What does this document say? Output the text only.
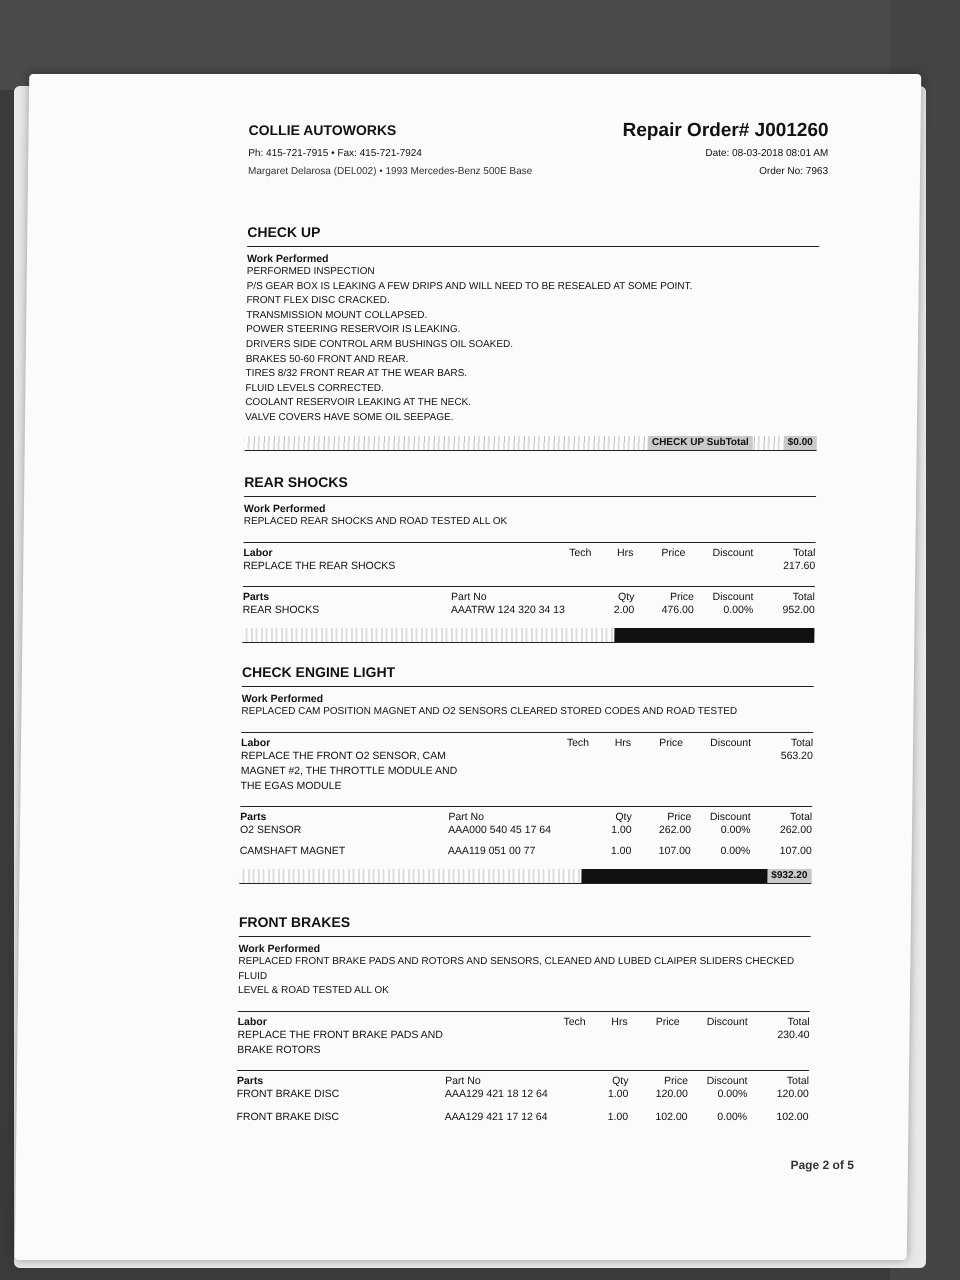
COLLIE AUTOWORKS
Ph: 415-721-7915 • Fax: 415-721-7924
Margaret Delarosa (DEL002) • 1993 Mercedes-Benz 500E Base
Repair Order# J001260
Date: 08-03-2018 08:01 AM
Order No: 7963
CHECK UP
Work Performed
PERFORMED INSPECTION
P/S GEAR BOX IS LEAKING A FEW DRIPS AND WILL NEED TO BE RESEALED AT SOME POINT.
FRONT FLEX DISC CRACKED.
TRANSMISSION MOUNT COLLAPSED.
POWER STEERING RESERVOIR IS LEAKING.
DRIVERS SIDE CONTROL ARM BUSHINGS OIL SOAKED.
BRAKES 50-60 FRONT AND REAR.
TIRES 8/32 FRONT REAR AT THE WEAR BARS.
FLUID LEVELS CORRECTED.
COOLANT RESERVOIR LEAKING AT THE NECK.
VALVE COVERS HAVE SOME OIL SEEPAGE.
CHECK UP SubTotal	$0.00
REAR SHOCKS
Work Performed
REPLACED REAR SHOCKS AND ROAD TESTED ALL OK
Labor	Tech	Hrs	Price	Discount	Total
REPLACE THE REAR SHOCKS	217.60
Parts	Part No	Qty	Price	Discount	Total
REAR SHOCKS	AAATRW 124 320 34 13	2.00	476.00	0.00%	952.00
CHECK ENGINE LIGHT
Work Performed
REPLACED CAM POSITION MAGNET AND O2 SENSORS CLEARED STORED CODES AND ROAD TESTED
Labor	Tech	Hrs	Price	Discount	Total
REPLACE THE FRONT O2 SENSOR, CAM
MAGNET #2, THE THROTTLE MODULE AND
THE EGAS MODULE
563.20
Parts	Part No	Qty	Price	Discount	Total
O2 SENSOR	AAA000 540 45 17 64	1.00	262.00	0.00%	262.00
CAMSHAFT MAGNET	AAA119 051 00 77	1.00	107.00	0.00%	107.00
$932.20
FRONT BRAKES
Work Performed
REPLACED FRONT BRAKE PADS AND ROTORS AND SENSORS, CLEANED AND LUBED CLAIPER SLIDERS CHECKED FLUID
LEVEL & ROAD TESTED ALL OK
Labor	Tech	Hrs	Price	Discount	Total
REPLACE THE FRONT BRAKE PADS AND
BRAKE ROTORS
230.40
Parts	Part No	Qty	Price	Discount	Total
FRONT BRAKE DISC	AAA129 421 18 12 64	1.00	120.00	0.00%	120.00
FRONT BRAKE DISC	AAA129 421 17 12 64	1.00	102.00	0.00%	102.00
Page 2 of 5
